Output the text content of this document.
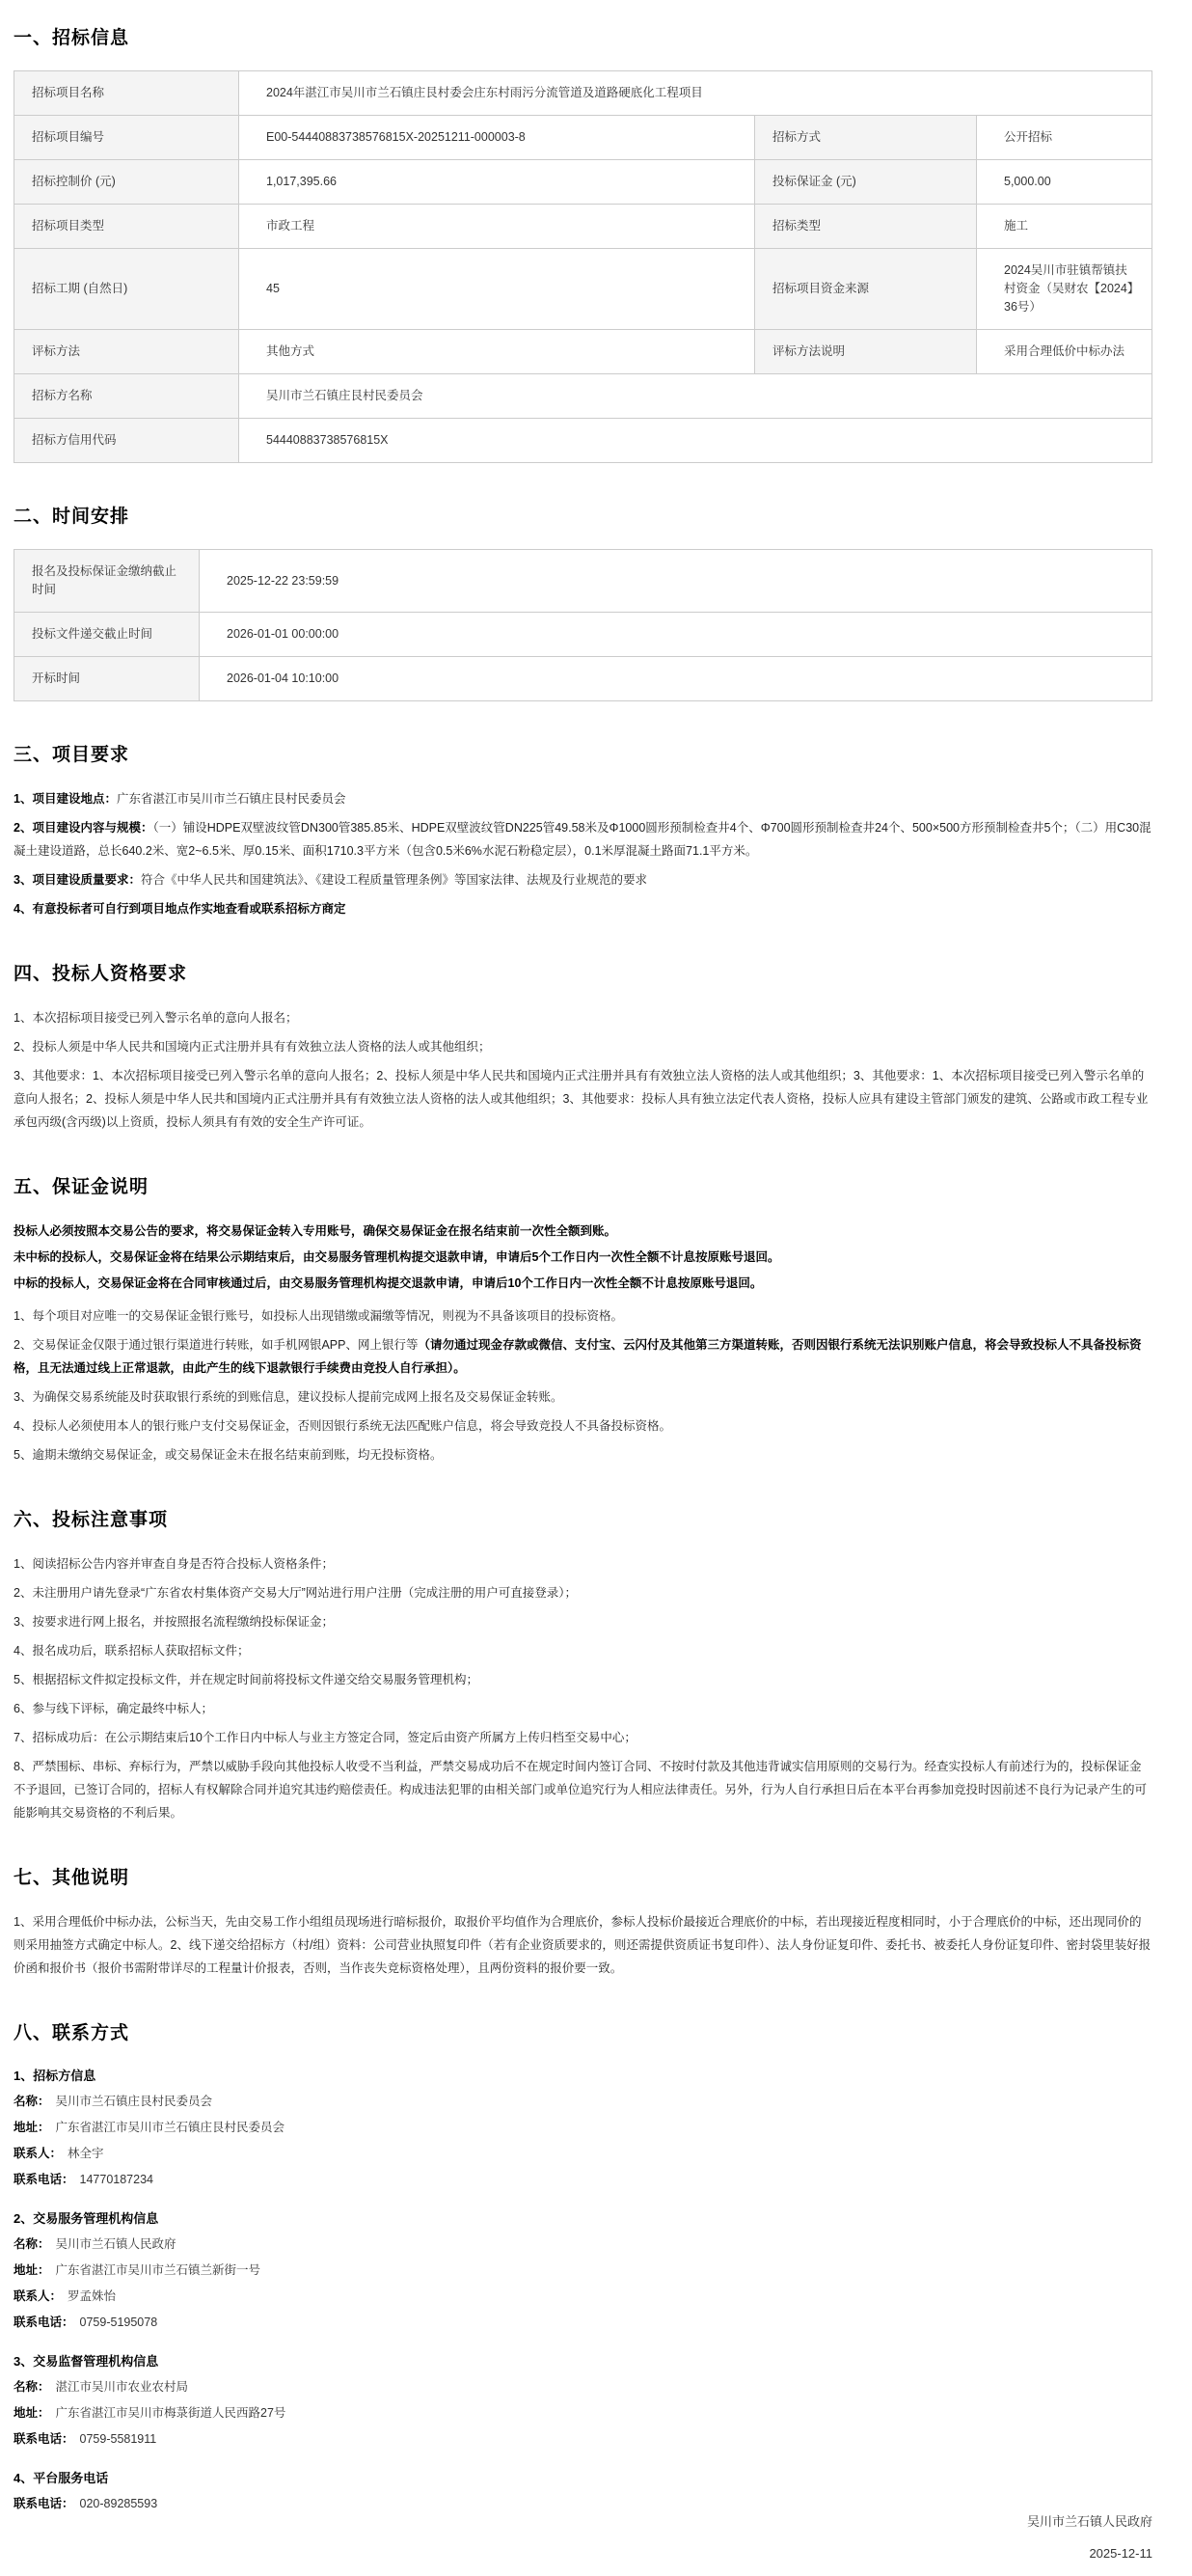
一、招标信息
招标项目名称	2024年湛江市吴川市兰石镇庄艮村委会庄东村雨污分流管道及道路硬底化工程项目		
招标项目编号	E00-54440883738576815X-20251211-000003-8	招标方式	公开招标
招标控制价 (元)	1,017,395.66	投标保证金 (元)	5,000.00
招标项目类型	市政工程	招标类型	施工
招标工期 (自然日)	45	招标项目资金来源	2024吴川市驻镇帮镇扶村资金（吴财农【2024】36号）
评标方法	其他方式	评标方法说明	采用合理低价中标办法
招标方名称	吴川市兰石镇庄艮村民委员会		
招标方信用代码	54440883738576815X		
二、时间安排
报名及投标保证金缴纳截止时间	2025-12-22 23:59:59
投标文件递交截止时间	2026-01-01 00:00:00
开标时间	2026-01-04 10:10:00
三、项目要求

1、项目建设地点：广东省湛江市吴川市兰石镇庄艮村民委员会

2、项目建设内容与规模：（一）铺设HDPE双壁波纹管DN300管385.85米、HDPE双壁波纹管DN225管49.58米及Φ1000圆形预制检查井4个、Φ700圆形预制检查井24个、500×500方形预制检查井5个；（二）用C30混凝土建设道路，总长640.2米、宽2~6.5米、厚0.15米、面积1710.3平方米（包含0.5米6%水泥石粉稳定层），0.1米厚混凝土路面71.1平方米。

3、项目建设质量要求：符合《中华人民共和国建筑法》、《建设工程质量管理条例》等国家法律、法规及行业规范的要求

4、有意投标者可自行到项目地点作实地查看或联系招标方商定

四、投标人资格要求

1、本次招标项目接受已列入警示名单的意向人报名；

2、投标人须是中华人民共和国境内正式注册并具有有效独立法人资格的法人或其他组织；

3、其他要求：1、本次招标项目接受已列入警示名单的意向人报名；2、投标人须是中华人民共和国境内正式注册并具有有效独立法人资格的法人或其他组织；3、其他要求：1、本次招标项目接受已列入警示名单的意向人报名；2、投标人须是中华人民共和国境内正式注册并具有有效独立法人资格的法人或其他组织；3、其他要求：投标人具有独立法定代表人资格，投标人应具有建设主管部门颁发的建筑、公路或市政工程专业承包丙级(含丙级)以上资质，投标人须具有有效的安全生产许可证。

五、保证金说明

投标人必须按照本交易公告的要求，将交易保证金转入专用账号，确保交易保证金在报名结束前一次性全额到账。

未中标的投标人，交易保证金将在结果公示期结束后，由交易服务管理机构提交退款申请，申请后5个工作日内一次性全额不计息按原账号退回。

中标的投标人，交易保证金将在合同审核通过后，由交易服务管理机构提交退款申请，申请后10个工作日内一次性全额不计息按原账号退回。

1、每个项目对应唯一的交易保证金银行账号，如投标人出现错缴或漏缴等情况，则视为不具备该项目的投标资格。

2、交易保证金仅限于通过银行渠道进行转账，如手机网银APP、网上银行等（请勿通过现金存款或微信、支付宝、云闪付及其他第三方渠道转账，否则因银行系统无法识别账户信息，将会导致投标人不具备投标资格，且无法通过线上正常退款，由此产生的线下退款银行手续费由竞投人自行承担）。

3、为确保交易系统能及时获取银行系统的到账信息，建议投标人提前完成网上报名及交易保证金转账。

4、投标人必须使用本人的银行账户支付交易保证金，否则因银行系统无法匹配账户信息，将会导致竞投人不具备投标资格。

5、逾期未缴纳交易保证金，或交易保证金未在报名结束前到账，均无投标资格。

六、投标注意事项

1、阅读招标公告内容并审查自身是否符合投标人资格条件；

2、未注册用户请先登录“广东省农村集体资产交易大厅”网站进行用户注册（完成注册的用户可直接登录）；

3、按要求进行网上报名，并按照报名流程缴纳投标保证金；

4、报名成功后，联系招标人获取招标文件；

5、根据招标文件拟定投标文件，并在规定时间前将投标文件递交给交易服务管理机构；

6、参与线下评标，确定最终中标人；

7、招标成功后：在公示期结束后10个工作日内中标人与业主方签定合同，签定后由资产所属方上传归档至交易中心；

8、严禁围标、串标、弃标行为，严禁以威胁手段向其他投标人收受不当利益，严禁交易成功后不在规定时间内签订合同、不按时付款及其他违背诚实信用原则的交易行为。经查实投标人有前述行为的，投标保证金不予退回，已签订合同的，招标人有权解除合同并追究其违约赔偿责任。构成违法犯罪的由相关部门或单位追究行为人相应法律责任。另外，行为人自行承担日后在本平台再参加竞投时因前述不良行为记录产生的可能影响其交易资格的不利后果。

七、其他说明

1、采用合理低价中标办法，公标当天，先由交易工作小组组员现场进行暗标报价，取报价平均值作为合理底价，参标人投标价最接近合理底价的中标，若出现接近程度相同时，小于合理底价的中标，还出现同价的则采用抽签方式确定中标人。2、线下递交给招标方（村/组）资料：公司营业执照复印件（若有企业资质要求的，则还需提供资质证书复印件）、法人身份证复印件、委托书、被委托人身份证复印件、密封袋里装好报价函和报价书（报价书需附带详尽的工程量计价报表，否则，当作丧失竞标资格处理），且两份资料的报价要一致。

八、联系方式
1、招标方信息

名称： 吴川市兰石镇庄艮村民委员会

地址： 广东省湛江市吴川市兰石镇庄艮村民委员会

联系人： 林全宇

联系电话： 14770187234

2、交易服务管理机构信息

名称： 吴川市兰石镇人民政府

地址： 广东省湛江市吴川市兰石镇兰新街一号

联系人： 罗孟姝怡

联系电话： 0759-5195078

3、交易监督管理机构信息

名称： 湛江市吴川市农业农村局

地址： 广东省湛江市吴川市梅菉街道人民西路27号

联系电话： 0759-5581911

4、平台服务电话

联系电话： 020-89285593

吴川市兰石镇人民政府
2025-12-11
